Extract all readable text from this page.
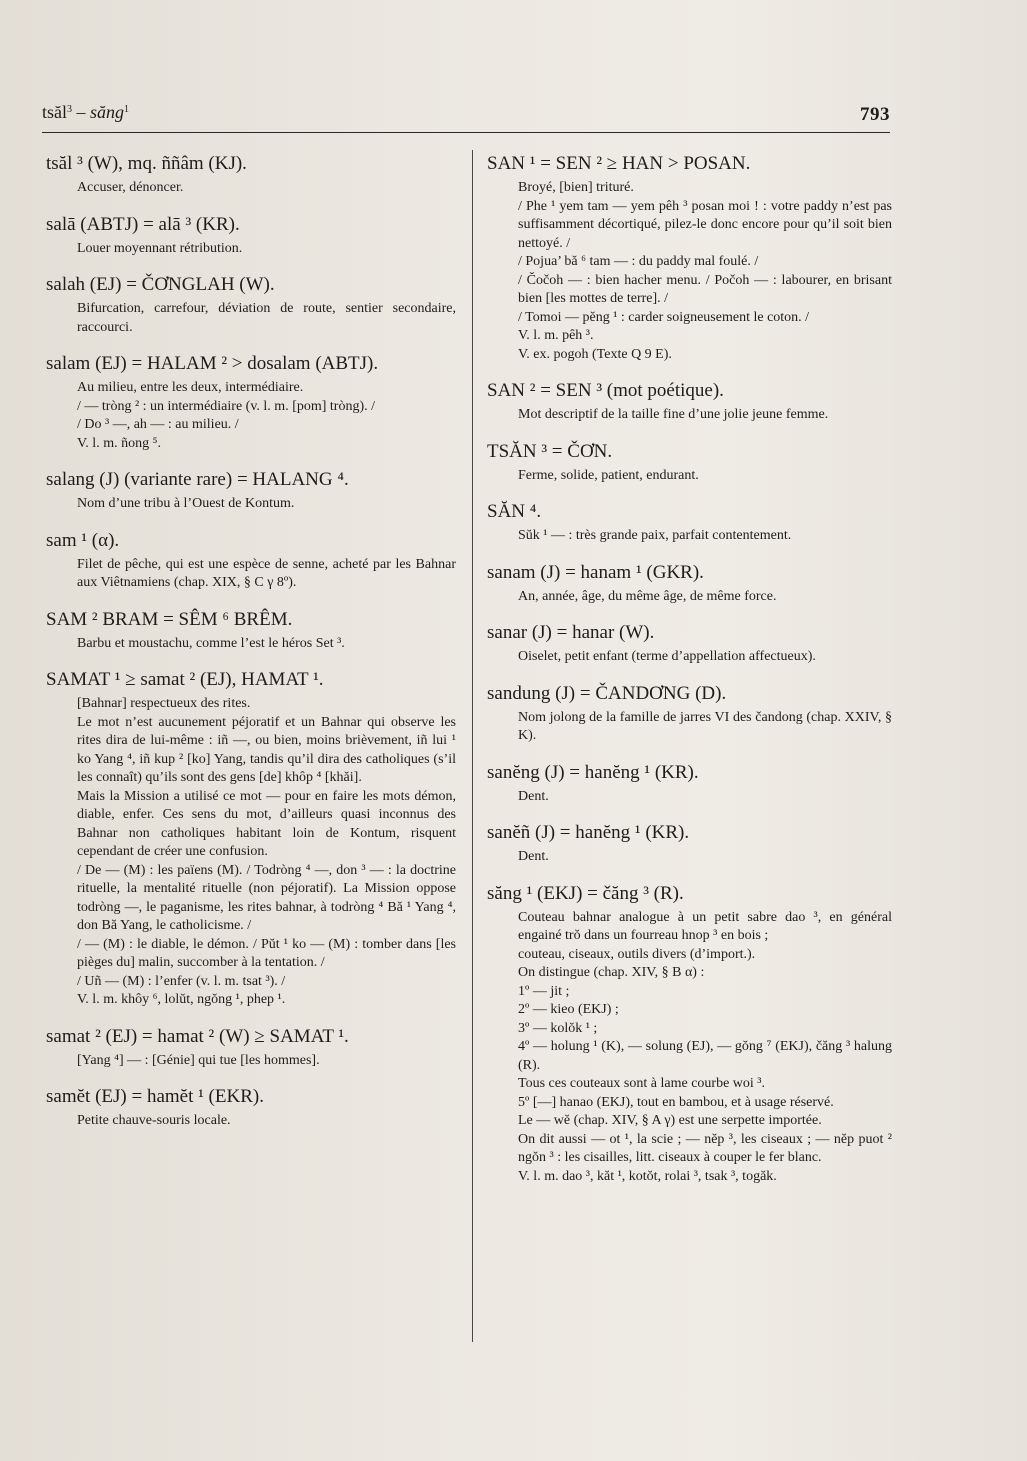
tsăl$^3$ – săng$^1$	793
tsăl ³ (W), mq. ññâm (KJ).

Accuser, dénoncer.

salā (ABTJ) = alā ³ (KR).

Louer moyennant rétribution.

salah (EJ) = ČƠNGLAH (W).

Bifurcation, carrefour, déviation de route, sentier secondaire, raccourci.

salam (EJ) = HALAM ² > dosalam (ABTJ).

Au milieu, entre les deux, intermédiaire.

/ — tròng ² : un intermédiaire (v. l. m. [pom] tròng). /

/ Do ³ —, ah — : au milieu. /

V. l. m. ñong ⁵.

salang (J) (variante rare) = HALANG ⁴.

Nom d’une tribu à l’Ouest de Kontum.

sam ¹ (α).

Filet de pêche, qui est une espèce de senne, acheté par les Bahnar aux Viêtnamiens (chap. XIX, § C γ 8º).

SAM ² BRAM = SÊM ⁶ BRÊM.

Barbu et moustachu, comme l’est le héros Set ³.

SAMAT ¹ ≥ samat ² (EJ), HAMAT ¹.

[Bahnar] respectueux des rites.

Le mot n’est aucunement péjoratif et un Bahnar qui observe les rites dira de lui-même : iñ —, ou bien, moins brièvement, iñ lui ¹ ko Yang ⁴, iñ kup ² [ko] Yang, tandis qu’il dira des catholiques (s’il les connaît) qu’ils sont des gens [de] khôp ⁴ [khăi].

Mais la Mission a utilisé ce mot — pour en faire les mots démon, diable, enfer. Ces sens du mot, d’ailleurs quasi inconnus des Bahnar non catholiques habitant loin de Kontum, risquent cependant de créer une confusion.

/ De — (M) : les païens (M). / Todròng ⁴ —, don ³ — : la doctrine rituelle, la mentalité rituelle (non péjoratif). La Mission oppose todròng —, le paganisme, les rites bahnar, à todròng ⁴ Bă ¹ Yang ⁴, don Bă Yang, le catholicisme. /

/ — (M) : le diable, le démon. / Pŭt ¹ ko — (M) : tomber dans [les pièges du] malin, succomber à la tentation. /

/ Uñ — (M) : l’enfer (v. l. m. tsat ³). /

V. l. m. khôy ⁶, lolŭt, ngŏng ¹, phep ¹.

samat ² (EJ) = hamat ² (W) ≥ SAMAT ¹.

[Yang ⁴] — : [Génie] qui tue [les hommes].

samĕt (EJ) = hamĕt ¹ (EKR).

Petite chauve-souris locale.

SAN ¹ = SEN ² ≥ HAN > POSAN.

Broyé, [bien] trituré.

/ Phe ¹ yem tam — yem pêh ³ posan moi ! : votre paddy n’est pas suffisamment décortiqué, pilez-le donc encore pour qu’il soit bien nettoyé. /

/ Pojua’ bă ⁶ tam — : du paddy mal foulé. /

/ Čočoh — : bien hacher menu. / Počoh — : labourer, en brisant bien [les mottes de terre]. /

/ Tomoi — pĕng ¹ : carder soigneusement le coton. /

V. l. m. pêh ³.

V. ex. pogoh (Texte Q 9 E).

SAN ² = SEN ³ (mot poétique).

Mot descriptif de la taille fine d’une jolie jeune femme.

TSĂN ³ = ČƠN.

Ferme, solide, patient, endurant.

SĂN ⁴.

Sŭk ¹ — : très grande paix, parfait contentement.

sanam (J) = hanam ¹ (GKR).

An, année, âge, du même âge, de même force.

sanar (J) = hanar (W).

Oiselet, petit enfant (terme d’appellation affectueux).

sandung (J) = ČANDƠNG (D).

Nom jolong de la famille de jarres VI des čandong (chap. XXIV, § K).

sanĕng (J) = hanĕng ¹ (KR).

Dent.

sanĕñ (J) = hanĕng ¹ (KR).

Dent.

săng ¹ (EKJ) = čăng ³ (R).

Couteau bahnar analogue à un petit sabre dao ³, en général engainé trŏ dans un fourreau hnop ³ en bois ;

couteau, ciseaux, outils divers (d’import.).

On distingue (chap. XIV, § B α) :

1º — jit ;

2º — kieo (EKJ) ;

3º — kolŏk ¹ ;

4º — holung ¹ (K), — solung (EJ), — gŏng ⁷ (EKJ), čăng ³ halung (R).

Tous ces couteaux sont à lame courbe woi ³.

5º [—] hanao (EKJ), tout en bambou, et à usage réservé.

Le — wĕ (chap. XIV, § A γ) est une serpette importée.

On dit aussi — ot ¹, la scie ; — nĕp ³, les ciseaux ; — nĕp puot ² ngŏn ³ : les cisailles, litt. ciseaux à couper le fer blanc.

V. l. m. dao ³, kăt ¹, kotŏt, rolai ³, tsak ³, togăk.
